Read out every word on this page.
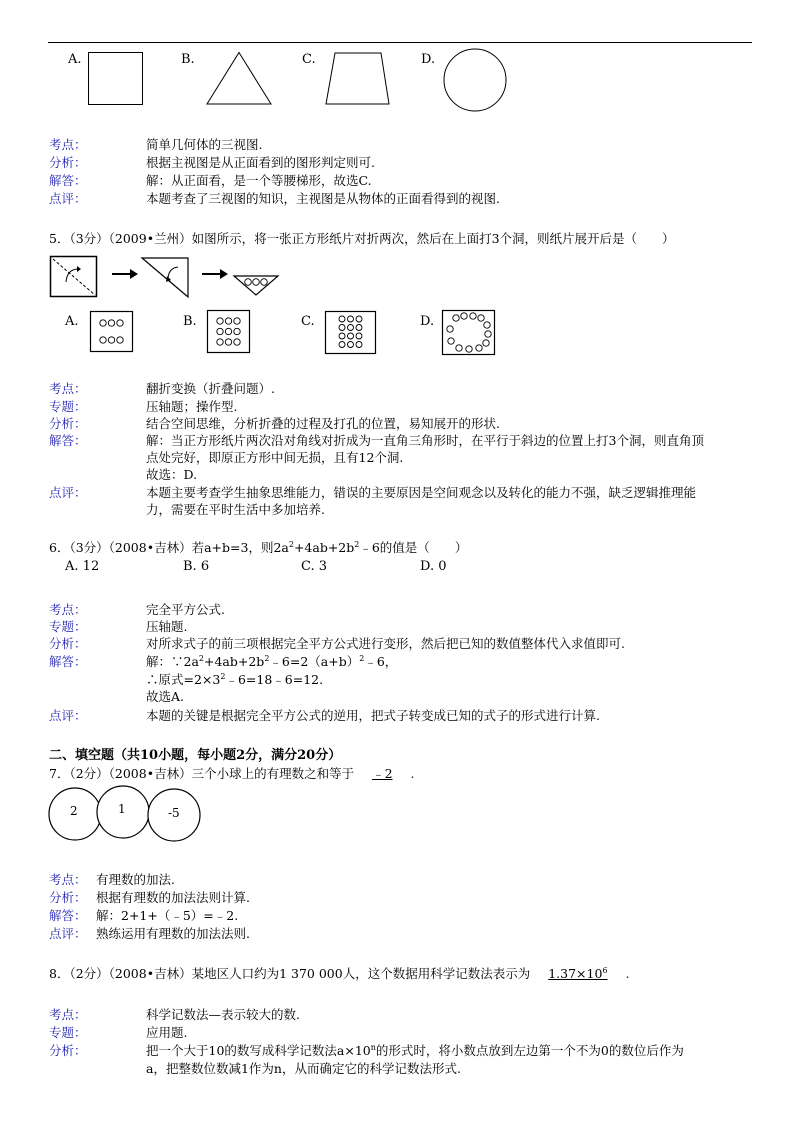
A.	B.	C.	D.
考点：	简单几何体的三视图.
分析：	根据主视图是从正面看到的图形判定则可.
解答：	解：从正面看，是一个等腰梯形，故选C.
点评：	本题考查了三视图的知识，主视图是从物体的正面看得到的视图.
5．（3分）（2009•兰州）如图所示，将一张正方形纸片对折两次，然后在上面打3个洞，则纸片展开后是（　　）
A.	B.	C.	D.
考点：	翻折变换（折叠问题）.
专题：	压轴题；操作型.
分析：	结合空间思维，分析折叠的过程及打孔的位置，易知展开的形状.
解答：	解：当正方形纸片两次沿对角线对折成为一直角三角形时，在平行于斜边的位置上打3个洞，则直角顶
点处完好，即原正方形中间无损，且有12个洞.
故选：D.
点评：	本题主要考查学生抽象思维能力，错误的主要原因是空间观念以及转化的能力不强，缺乏逻辑推理能
力，需要在平时生活中多加培养.
6．（3分）（2008•吉林）若a+b=3，则$2a^2+4ab+2b^2﹣6$的值是（　　）
A. 12	B. 6	C. 3	D. 0
考点：	完全平方公式.
专题：	压轴题.
分析：	对所求式子的前三项根据完全平方公式进行变形，然后把已知的数值整体代入求值即可.
解答：	解：$\because 2a^2+4ab+2b^2﹣6=2(a+b)^2﹣6$，
∴原式$=2\times 3^2﹣6=18﹣6=12$.
故选A.
点评：	本题的关键是根据完全平方公式的逆用，把式子转变成已知的式子的形式进行计算.
二、填空题（共10小题，每小题2分，满分20分）
7．（2分）（2008•吉林）三个小球上的有理数之和等于 ﹣2 .
2	1	-5
考点： 有理数的加法.
分析： 根据有理数的加法法则计算.
解答： 解：2+1+（﹣5）=﹣2.
点评： 熟练运用有理数的加法法则.
8．（2分）（2008•吉林）某地区人口约为1 370 000人，这个数据用科学记数法表示为 $1.37\times 10^6$ .
考点：	科学记数法—表示较大的数.
专题：	应用题.
分析：	把一个大于10的数写成科学记数法$a\times 10^n$的形式时，将小数点放到左边第一个不为0的数位后作为
a，把整数位数减1作为n，从而确定它的科学记数法形式.
